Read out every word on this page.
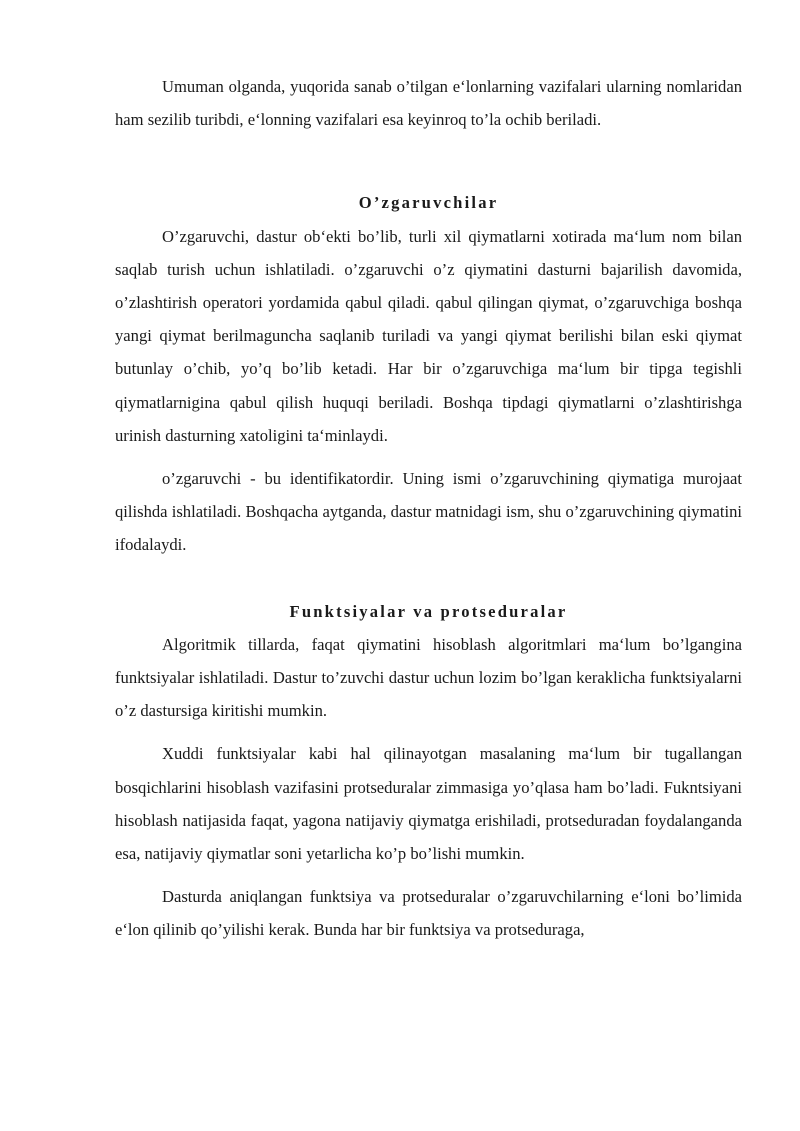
Umuman olganda, yuqorida sanab o’tilgan e‘lonlarning vazifalari ularning nomlaridan ham sezilib turibdi, e‘lonning vazifalari esa keyinroq to’la ochib beriladi.

O’zgaruvchilar

O’zgaruvchi, dastur ob‘ekti bo’lib, turli xil qiymatlarni xotirada ma‘lum nom bilan saqlab turish uchun ishlatiladi. o’zgaruvchi o’z qiymatini dasturni bajarilish davomida, o’zlashtirish operatori yordamida qabul qiladi. qabul qilingan qiymat, o’zgaruvchiga boshqa yangi qiymat berilmaguncha saqlanib turiladi va yangi qiymat berilishi bilan eski qiymat butunlay o’chib, yo’q bo’lib ketadi. Har bir o’zgaruvchiga ma‘lum bir tipga tegishli qiymatlarnigina qabul qilish huquqi beriladi. Boshqa tipdagi qiymatlarni o’zlashtirishga urinish dasturning xatoligini ta‘minlaydi.

o’zgaruvchi - bu identifikatordir. Uning ismi o’zgaruvchining qiymatiga murojaat qilishda ishlatiladi. Boshqacha aytganda, dastur matnidagi ism, shu o’zgaruvchining qiymatini ifodalaydi.

Funktsiyalar va protseduralar

Algoritmik tillarda, faqat qiymatini hisoblash algoritmlari ma‘lum bo’lgangina funktsiyalar ishlatiladi. Dastur to’zuvchi dastur uchun lozim bo’lgan keraklicha funktsiyalarni o’z dastursiga kiritishi mumkin.

Xuddi funktsiyalar kabi hal qilinayotgan masalaning ma‘lum bir tugallangan bosqichlarini hisoblash vazifasini protseduralar zimmasiga yo’qlasa ham bo’ladi. Fukntsiyani hisoblash natijasida faqat, yagona natijaviy qiymatga erishiladi, protseduradan foydalanganda esa, natijaviy qiymatlar soni yetarlicha ko’p bo’lishi mumkin.

Dasturda aniqlangan funktsiya va protseduralar o’zgaruvchilarning e‘loni bo’limida e‘lon qilinib qo’yilishi kerak. Bunda har bir funktsiya va protseduraga,
